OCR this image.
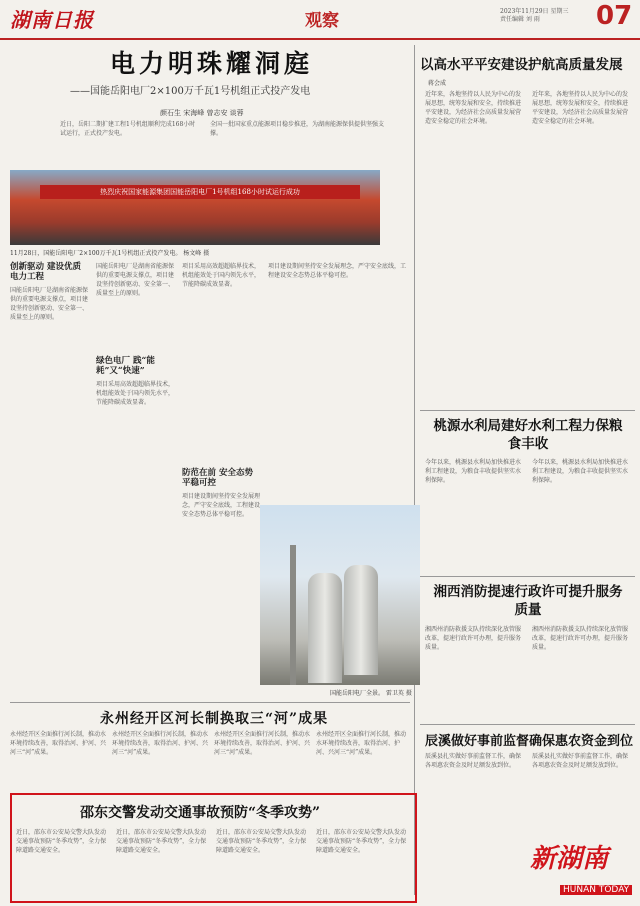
湖南日报	观察	2023年11月29日 星期三
责任编辑 刘 雨	07
电力明珠耀洞庭
——国能岳阳电厂2×100万千瓦1号机组正式投产发电
颜石生 宋海峰 曾志安 谈蓉
近日，岳阳二期扩建工程1号机组顺利完成168小时试运行，正式投产发电。
全国一批国家重点能源项目稳步推进，为湖南能源保供提供坚强支撑。
热烈庆祝国家能源集团国能岳阳电厂1号机组168小时试运行成功
11月28日，国能岳阳电厂2×100万千瓦1号机组正式投产发电。 杨文峰 摄
创新驱动 建设优质电力工程
国能岳阳电厂是湖南省能源保供的重要电源支撑点，项目建设坚持创新驱动、安全第一、质量至上的原则。
国能岳阳电厂是湖南省能源保供的重要电源支撑点，项目建设坚持创新驱动、安全第一、质量至上的原则。
绿色电厂 践“能耗”又“快速”
项目采用高效超超临界技术，机组能效处于国内领先水平，节能降碳成效显著。
项目采用高效超超临界技术，机组能效处于国内领先水平，节能降碳成效显著。
防范在前 安全态势平稳可控
项目建设期间坚持安全发展理念，严守安全底线，工程建设安全态势总体平稳可控。
项目建设期间坚持安全发展理念，严守安全底线，工程建设安全态势总体平稳可控。
国能岳阳电厂全景。 雷卫英 摄
以高水平平安建设护航高质量发展
蒋会成
近年来，各地坚持以人民为中心的发展思想，统筹发展和安全，持续推进平安建设，为经济社会高质量发展营造安全稳定的社会环境。
近年来，各地坚持以人民为中心的发展思想，统筹发展和安全，持续推进平安建设，为经济社会高质量发展营造安全稳定的社会环境。
桃源水利局建好水利工程力保粮食丰收
今年以来，桃源县水利局加快推进水利工程建设，为粮食丰收提供坚实水利保障。
今年以来，桃源县水利局加快推进水利工程建设，为粮食丰收提供坚实水利保障。
湘西消防提速行政许可提升服务质量
湘西州消防救援支队持续深化放管服改革，提速行政许可办理，提升服务质量。
湘西州消防救援支队持续深化放管服改革，提速行政许可办理，提升服务质量。
辰溪做好事前监督确保惠农资金到位
辰溪县扎实做好事前监督工作，确保各项惠农资金及时足额发放到位。
辰溪县扎实做好事前监督工作，确保各项惠农资金及时足额发放到位。
永州经开区河长制换取三“河”成果
永州经开区全面推行河长制，推动水环境持续改善，取得治河、护河、兴河三“河”成果。
永州经开区全面推行河长制，推动水环境持续改善，取得治河、护河、兴河三“河”成果。
永州经开区全面推行河长制，推动水环境持续改善，取得治河、护河、兴河三“河”成果。
永州经开区全面推行河长制，推动水环境持续改善，取得治河、护河、兴河三“河”成果。
邵东交警发动交通事故预防“冬季攻势”
近日，邵东市公安局交警大队发动交通事故预防“冬季攻势”，全力保障道路交通安全。
近日，邵东市公安局交警大队发动交通事故预防“冬季攻势”，全力保障道路交通安全。
近日，邵东市公安局交警大队发动交通事故预防“冬季攻势”，全力保障道路交通安全。
近日，邵东市公安局交警大队发动交通事故预防“冬季攻势”，全力保障道路交通安全。	新湖南
HUNAN TODAY
